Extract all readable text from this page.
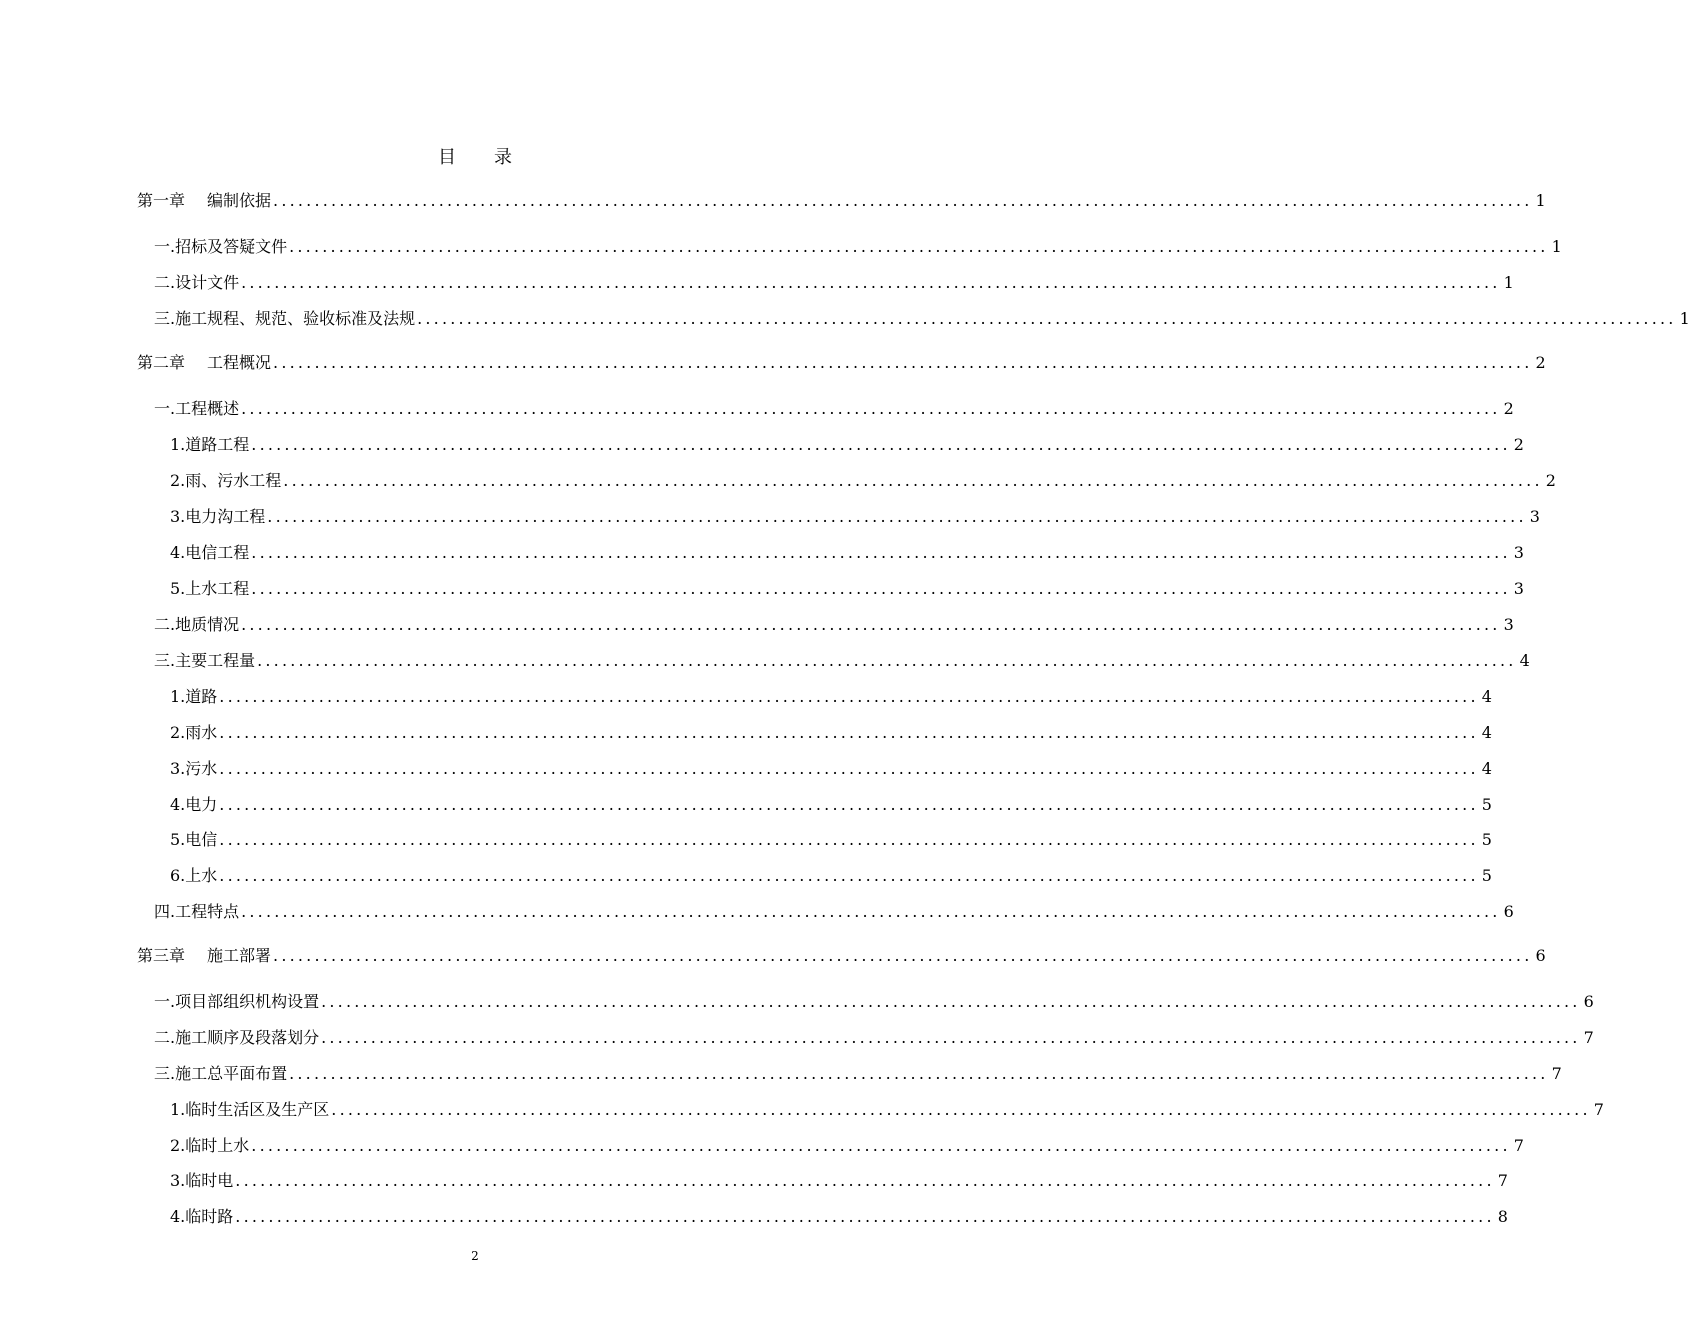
目 录
第一章 编制依据 ........................................................................................................................................................ 1
一.招标及答疑文件 ........................................................................................................................................................ 1
二.设计文件 ........................................................................................................................................................ 1
三.施工规程、规范、验收标准及法规 ........................................................................................................................................................ 1
第二章 工程概况 ........................................................................................................................................................ 2
一.工程概述 ........................................................................................................................................................ 2
1.道路工程 ........................................................................................................................................................ 2
2.雨、污水工程 ........................................................................................................................................................ 2
3.电力沟工程 ........................................................................................................................................................ 3
4.电信工程 ........................................................................................................................................................ 3
5.上水工程 ........................................................................................................................................................ 3
二.地质情况 ........................................................................................................................................................ 3
三.主要工程量 ........................................................................................................................................................ 4
1.道路 ........................................................................................................................................................ 4
2.雨水 ........................................................................................................................................................ 4
3.污水 ........................................................................................................................................................ 4
4.电力 ........................................................................................................................................................ 5
5.电信 ........................................................................................................................................................ 5
6.上水 ........................................................................................................................................................ 5
四.工程特点 ........................................................................................................................................................ 6
第三章 施工部署 ........................................................................................................................................................ 6
一.项目部组织机构设置 ........................................................................................................................................................ 6
二.施工顺序及段落划分 ........................................................................................................................................................ 7
三.施工总平面布置 ........................................................................................................................................................ 7
1.临时生活区及生产区 ........................................................................................................................................................ 7
2.临时上水 ........................................................................................................................................................ 7
3.临时电 ........................................................................................................................................................ 7
4.临时路 ........................................................................................................................................................ 8
2
